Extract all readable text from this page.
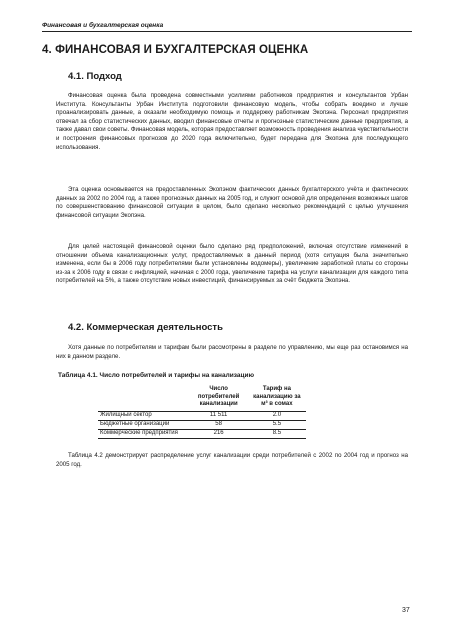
Финансовая и бухгалтерская оценка
4. ФИНАНСОВАЯ И БУХГАЛТЕРСКАЯ ОЦЕНКА
4.1. Подход

Финансовая оценка была проведена совместными усилиями работников предприятия и консультантов Урбан Института. Консультанты Урбан Института подготовили финансовую модель, чтобы собрать воедино и лучше проанализировать данные, а оказали необходимую помощь и поддержку работникам Экопэна. Персонал предприятия отвечал за сбор статистических данных, вводил финансовые отчеты и прогнозные статистические данные предприятия, а также давал свои советы. Финансовая модель, которая предоставляет возможность проведения анализа чувствительности и построения финансовых прогнозов до 2020 года включительно, будет передана для Экопэна для последующего использования.

Эта оценка основывается на предоставленных Экопэном фактических данных бухгалтерского учёта и фактических данных за 2002 по 2004 год, а также прогнозных данных на 2005 год, и служит основой для определения возможных шагов по совершенствованию финансовой ситуации в целом, было сделано несколько рекомендаций с целью улучшения финансовой ситуации Экопэна.

Для целей настоящей финансовой оценки было сделано ряд предположений, включая отсутствие изменений в отношении объема канализационных услуг, предоставляемых в данный период (хотя ситуация была значительно изменена, если бы в 2006 году потребителями были установлены водомеры), увеличение заработной платы со стороны из-за к 2006 году в связи с инфляцией, начиная с 2000 года, увеличение тарифа на услуги канализации для каждого типа потребителей на 5%, а также отсутствие новых инвестиций, финансируемых за счёт бюджета Экопэна.

4.2. Коммерческая деятельность

Хотя данные по потребителям и тарифам были рассмотрены в разделе по управлению, мы еще раз остановимся на них в данном разделе.

Таблица 4.1. Число потребителей и тарифы на канализацию
	Число потребителей канализации	Тариф на канализацию за м³ в сомах
Жилищный сектор	11 511	2.0
Бюджетные организации	58	5.5
Коммерческие предприятия	216	8.5

Таблица 4.2 демонстрирует распределение услуг канализации среди потребителей с 2002 по 2004 год и прогноз на 2005 год.

37
